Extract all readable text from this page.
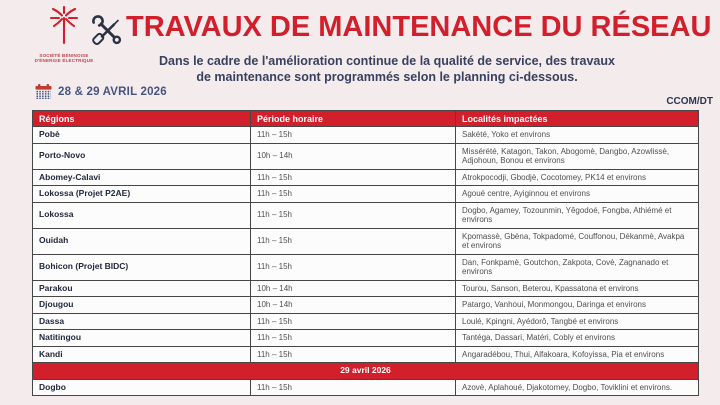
SOCIÉTÉ BÉNINOISE
D'ÉNERGIE ÉLECTRIQUE
TRAVAUX DE MAINTENANCE DU RÉSEAU
Dans le cadre de l'amélioration continue de la qualité de service, des travaux
de maintenance sont programmés selon le planning ci-dessous.
28 & 29 AVRIL 2026
CCOM/DT
Régions	Période horaire	Localités impactées
Pobè	11h – 15h	Sakété, Yoko et environs
Porto-Novo	10h – 14h	Missérété, Katagon, Takon, Abogomè, Dangbo, Azowlissè, Adjohoun, Bonou et environs
Abomey-Calavi	11h – 15h	Atrokpocodji, Gbodjè, Cocotomey, PK14 et environs
Lokossa (Projet P2AE)	11h – 15h	Agoué centre, Ayiginnou et environs
Lokossa	11h – 15h	Dogbo, Agamey, Tozounmin, Yêgodoé, Fongba, Athiémé et environs
Ouidah	11h – 15h	Kpomassè, Gbèna, Tokpadomé, Couffonou, Dékanmè, Avakpa et environs
Bohicon (Projet BIDC)	11h – 15h	Dan, Fonkpamè, Goutchon, Zakpota, Covè, Zagnanado et environs
Parakou	10h – 14h	Tourou, Sanson, Beterou, Kpassatona et environs
Djougou	10h – 14h	Patargo, Vanhoui, Monmongou, Daringa et environs
Dassa	11h – 15h	Loulé, Kpingni, Ayédorô, Tangbé et environs
Natitingou	11h – 15h	Tantéga, Dassari, Matéri, Cobly et environs
Kandi	11h – 15h	Angaradébou, Thui, Alfakoara, Kofoyissa, Pia et environs
29 avril 2026		
Dogbo	11h – 15h	Azovè, Aplahoué, Djakotomey, Dogbo, Toviklini et environs.
